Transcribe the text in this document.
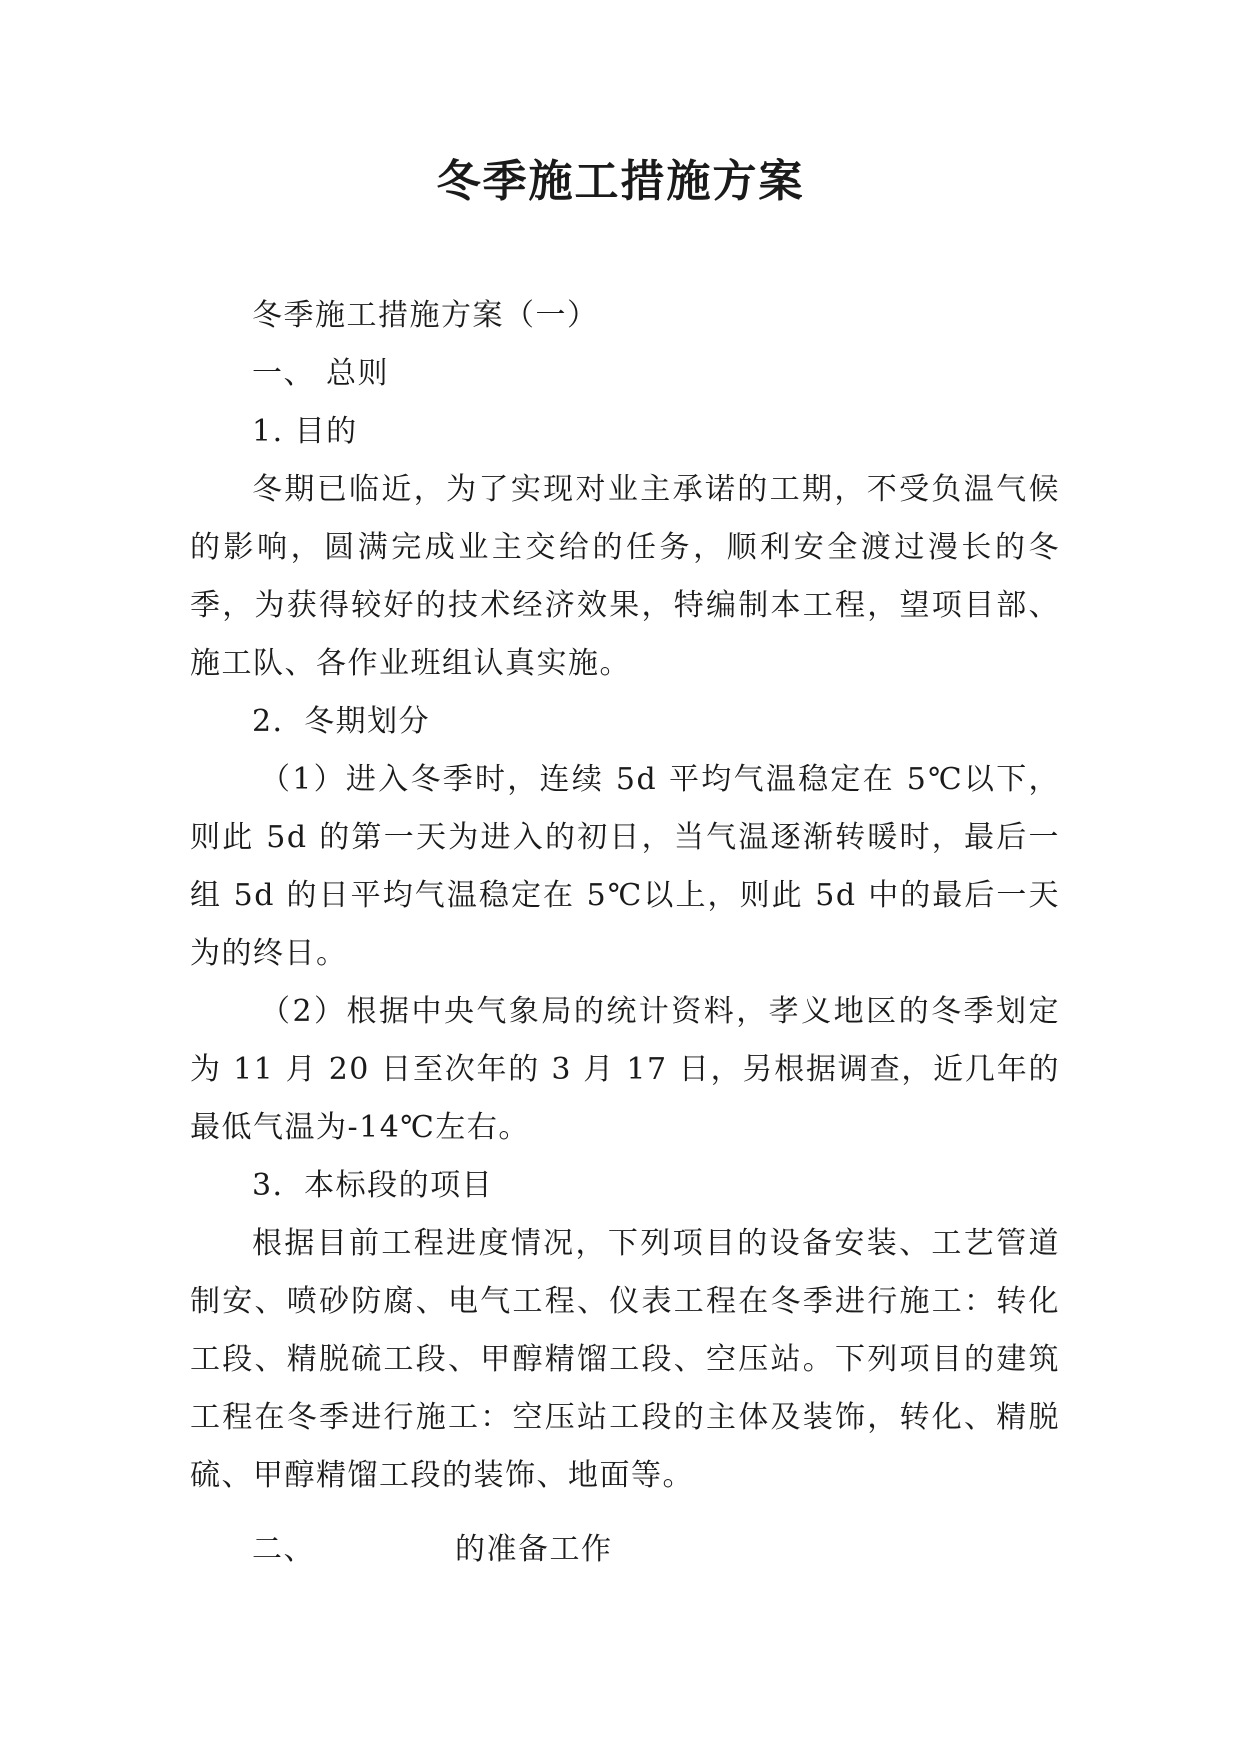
冬季施工措施方案

冬季施工措施方案（一）

一、 总则

1. 目的

冬期已临近，为了实现对业主承诺的工期，不受负温气候的影响，圆满完成业主交给的任务，顺利安全渡过漫长的冬季，为获得较好的技术经济效果，特编制本工程，望项目部、施工队、各作业班组认真实施。

2．冬期划分

（1）进入冬季时，连续 5d 平均气温稳定在 5℃以下，则此 5d 的第一天为进入的初日，当气温逐渐转暖时，最后一组 5d 的日平均气温稳定在 5℃以上，则此 5d 中的最后一天为的终日。

（2）根据中央气象局的统计资料，孝义地区的冬季划定为 11 月 20 日至次年的 3 月 17 日，另根据调查，近几年的最低气温为-14℃左右。

3．本标段的项目

根据目前工程进度情况，下列项目的设备安装、工艺管道制安、喷砂防腐、电气工程、仪表工程在冬季进行施工：转化工段、精脱硫工段、甲醇精馏工段、空压站。下列项目的建筑工程在冬季进行施工：空压站工段的主体及装饰，转化、精脱硫、甲醇精馏工段的装饰、地面等。

二、	的准备工作
